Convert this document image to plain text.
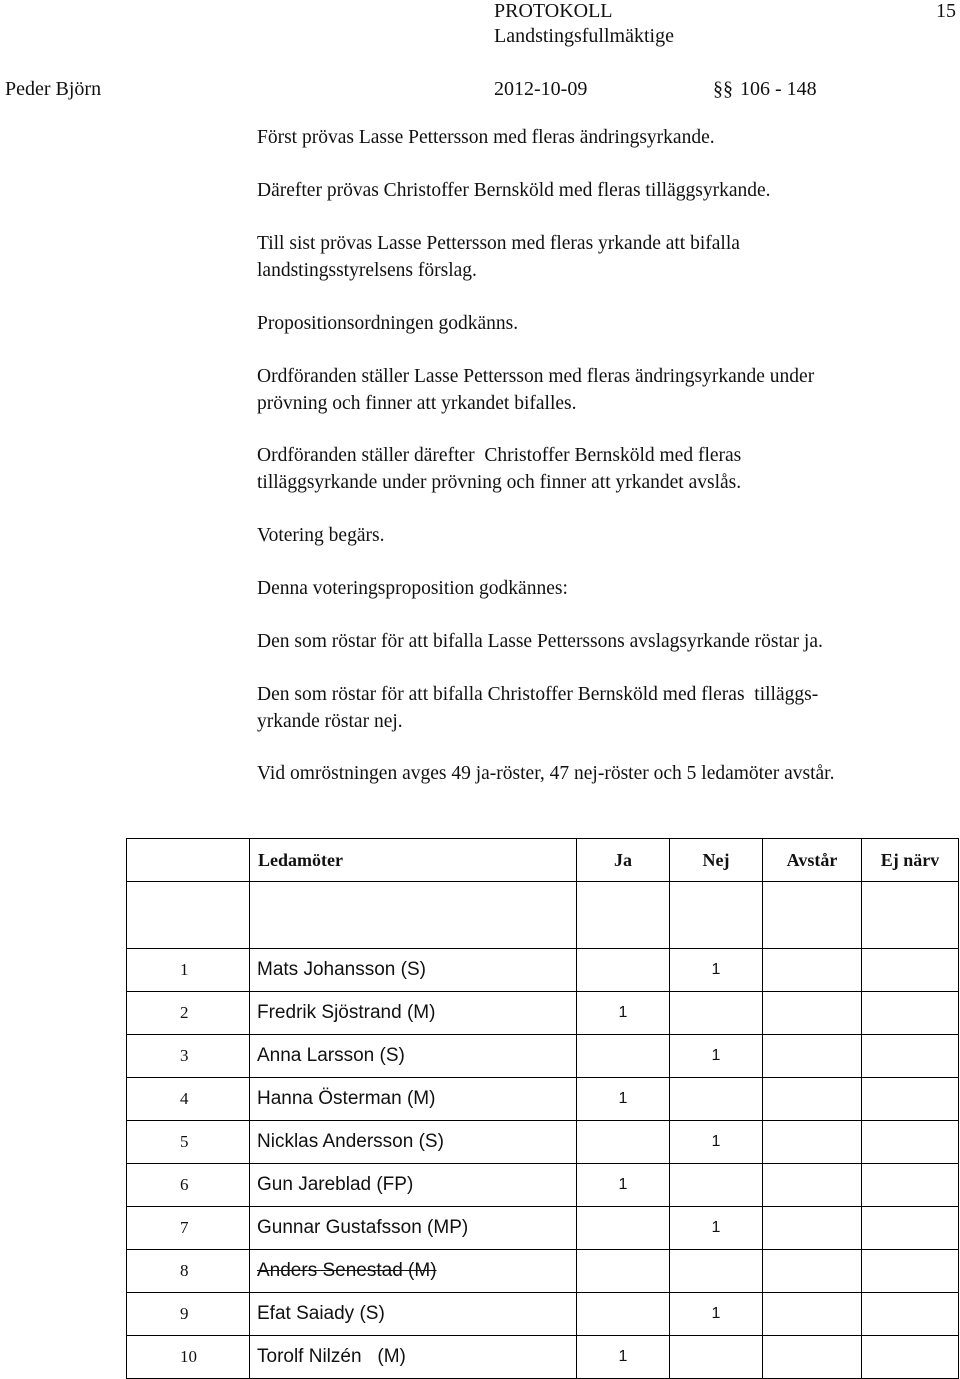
PROTOKOLL	15
Landstingsfullmäktige
Peder Björn	2012-10-09	§§ 106 - 148
Först prövas Lasse Pettersson med fleras ändringsyrkande.
Därefter prövas Christoffer Bernsköld med fleras tilläggsyrkande.
Till sist prövas Lasse Pettersson med fleras yrkande att bifalla
landstingsstyrelsens förslag.
Propositionsordningen godkänns.
Ordföranden ställer Lasse Pettersson med fleras ändringsyrkande under
prövning och finner att yrkandet bifalles.
Ordföranden ställer därefter  Christoffer Bernsköld med fleras
tilläggsyrkande under prövning och finner att yrkandet avslås.
Votering begärs.
Denna voteringsproposition godkännes:
Den som röstar för att bifalla Lasse Petterssons avslagsyrkande röstar ja.
Den som röstar för att bifalla Christoffer Bernsköld med fleras  tilläggs-
yrkande röstar nej.
Vid omröstningen avges 49 ja-röster, 47 nej-röster och 5 ledamöter avstår.
	Ledamöter	Ja	Nej	Avstår	Ej närv

1	Mats Johansson (S)		1		
2	Fredrik Sjöstrand (M)	1			
3	Anna Larsson (S)		1		
4	Hanna Österman (M)	1			
5	Nicklas Andersson (S)		1		
6	Gun Jareblad (FP)	1			
7	Gunnar Gustafsson (MP)		1		
8	Anders Senestad (M)				
9	Efat Saiady (S)		1		
10	Torolf Nilzén   (M)	1			
